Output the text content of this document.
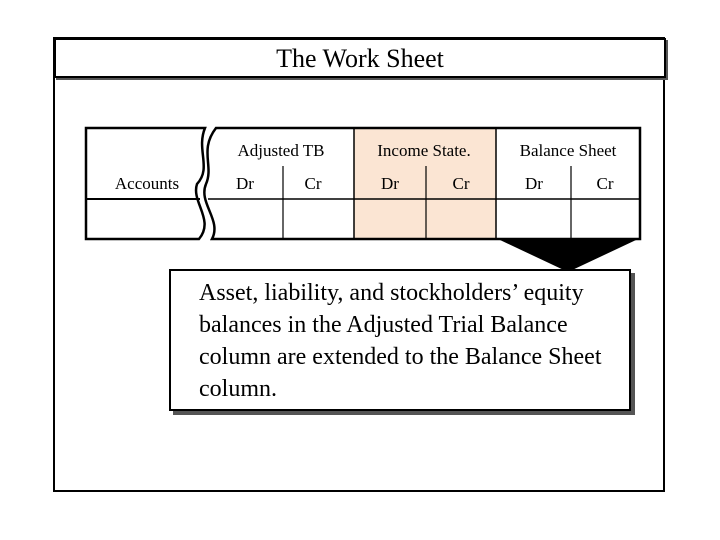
The Work Sheet
Accounts
Adjusted TB	Income State.	Balance Sheet
Dr	Cr	Dr	Cr	Dr	Cr
Asset, liability, and stockholders’ equity balances in the Adjusted Trial Balance column are extended to the Balance Sheet column.
